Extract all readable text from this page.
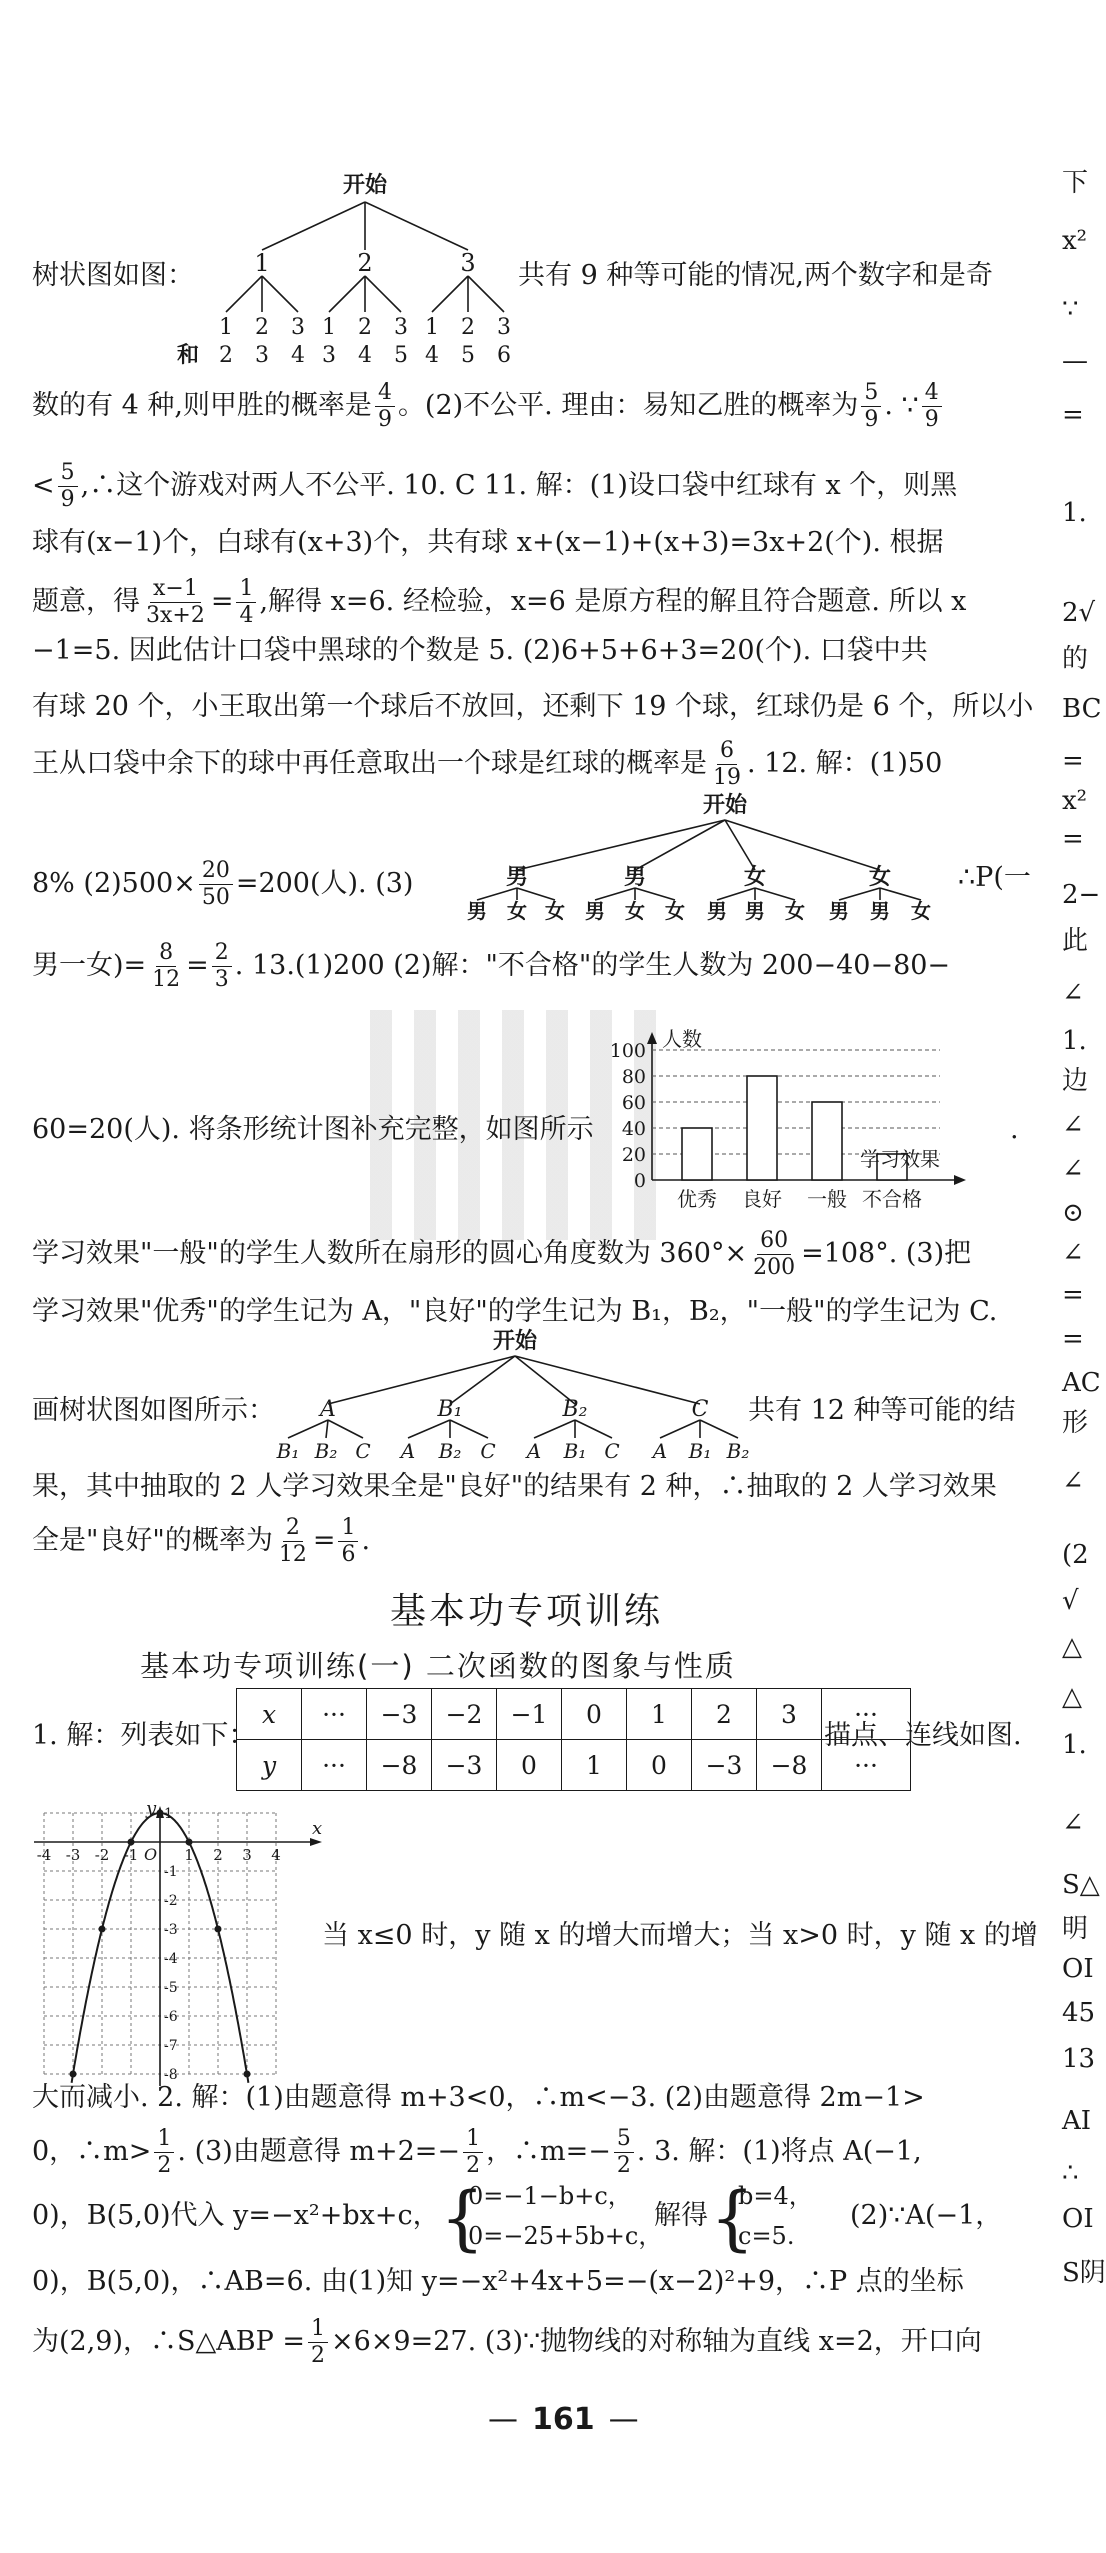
开始
1	2	3
1 2 3 1 2 3 1 2 3
和 2 3 4 3 4 5 4 5 6
树状图如图：	共有 9 种等可能的情况,两个数字和是奇
数的有 4 种,则甲胜的概率是 $\frac{4}{9}$ 。(2)不公平. 理由：易知乙胜的概率为 $\frac{5}{9}$ . ∵ $\frac{4}{9}$
< $\frac{5}{9}$ ,∴这个游戏对两人不公平. 10. C 11. 解：(1)设口袋中红球有 x 个，则黑
球有(x−1)个，白球有(x+3)个，共有球 x+(x−1)+(x+3)=3x+2(个). 根据
题意，得 $\frac{x-1}{3x+2} = \frac{1}{4}$ ,解得 x=6. 经检验，x=6 是原方程的解且符合题意. 所以 x
−1=5. 因此估计口袋中黑球的个数是 5. (2)6+5+6+3=20(个). 口袋中共
有球 20 个，小王取出第一个球后不放回，还剩下 19 个球，红球仍是 6 个，所以小
王从口袋中余下的球中再任意取出一个球是红球的概率是 $\frac{6}{19}$ . 12. 解：(1)50
开始
男	男	女	女
男 女 女 男 女 女 男 男 女 男 男 女
8% $(2)500\times \frac{20}{50} =200$(人). (3)	∴P(一
男一女)= $\frac{8}{12} = \frac{2}{3}$ . 13.(1)200 (2)解："不合格"的学生人数为 200−40−80−
人数
100
80
60
40
20
0
优秀 良好 一般 不合格
学习效果
60=20(人). 将条形统计图补充完整，如图所示	.
学习效果"一般"的学生人数所在扇形的圆心角度数为 $360^\circ\times \frac{60}{200} =108^\circ$. (3)把
学习效果"优秀"的学生记为 A，"良好"的学生记为 B₁，B₂，"一般"的学生记为 C.
开始
A	B₁	B₂	C
B₁ B₂ C A B₂ C A B₁ C A B₁ B₂
画树状图如图所示：	共有 12 种等可能的结
果，其中抽取的 2 人学习效果全是"良好"的结果有 2 种，∴抽取的 2 人学习效果
全是"良好"的概率为 $\frac{2}{12} = \frac{1}{6}$ .
基本功专项训练
基本功专项训练(一) 二次函数的图象与性质
1. 解：列表如下：
x	···	−3	−2	−1	0	1	2	3	···
y	···	−8	−3	0	1	0	−3	−8	···
描点、连线如图.
y
x
O
-4 -3 -2 -1	1 2 3 4
1
-1
-2
-3
-4
-5
-6
-7
-8
当 x≤0 时，y 随 x 的增大而增大；当 x>0 时，y 随 x 的增
大而减小. 2. 解：(1)由题意得 m+3<0，∴m<−3. (2)由题意得 2m−1>
0，∴m> $\frac{1}{2}$ . (3)由题意得 $m+2=- \frac{1}{2}$ ，∴m=− $\frac{5}{2}$ . 3. 解：(1)将点 A(−1,
0)，B(5,0)代入 y=−x²+bx+c， {
0=−1−b+c，
0=−25+5b+c，
解得 {
b=4，
c=5.
(2)∵A(−1，
0)，B(5,0)，∴AB=6. 由(1)知 y=−x²+4x+5=−(x−2)²+9，∴P 点的坐标
为(2,9)，∴S△ABP = $\frac{1}{2} \times 6\times 9=27$. (3)∵抛物线的对称轴为直线 x=2，开口向
— 161 —
下
x²
∵
—
=
1.
2√
的
BC
=
x²
=
2−
此
∠
1.
边
∠
∠
⊙
∠
=
=
AC
形
∠
(2
√
△
△
1.
∠
S△
明
OI
45
13
AI
∴
OI
S阴
